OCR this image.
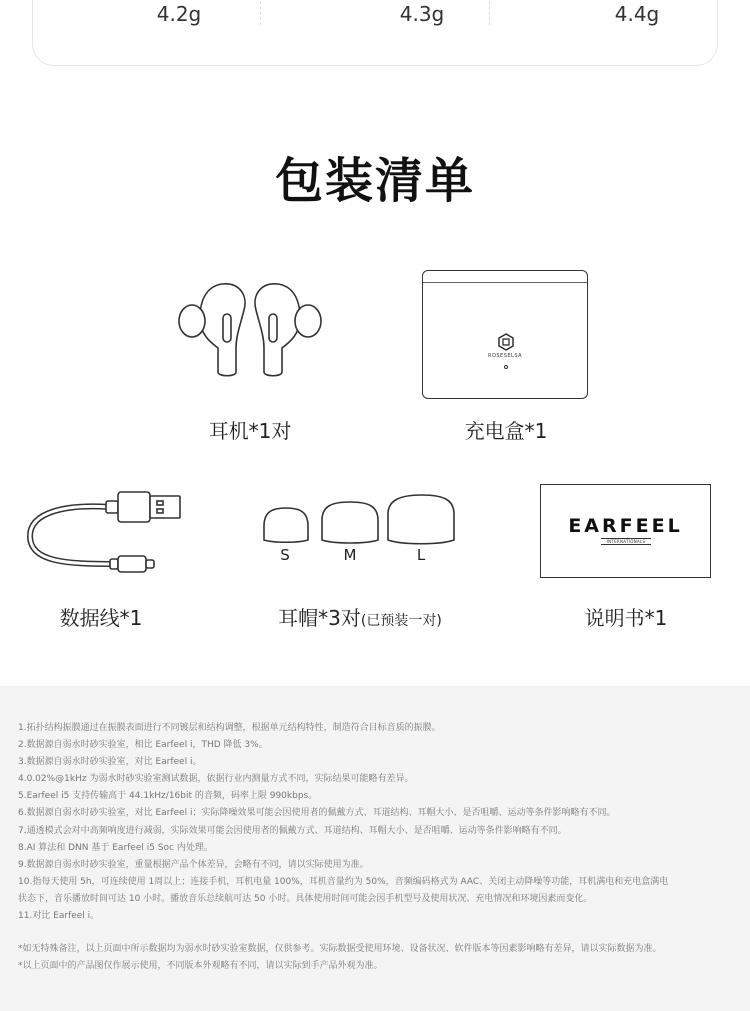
4.2g	4.3g	4.4g
包装清单
耳机*1对
ROSESELSA
充电盒*1
数据线*1
S	M	L
耳帽*3对(已预装一对)
EARFEEL
INTERNATIONALS
说明书*1
1.拓扑结构振膜通过在振膜表面进行不同镀层和结构调整，根据单元结构特性，制造符合目标音质的振膜。
2.数据源自弱水时砂实验室，相比 Earfeel i，THD 降低 3%。
3.数据源自弱水时砂实验室，对比 Earfeel i。
4.0.02%@1kHz 为弱水时砂实验室测试数据，依据行业内测量方式不同，实际结果可能略有差异。
5.Earfeel i5 支持传输高于 44.1kHz/16bit 的音频，码率上限 990kbps。
6.数据源自弱水时砂实验室，对比 Earfeel i；实际降噪效果可能会因使用者的佩戴方式、耳道结构、耳帽大小、是否咀嚼、运动等条件影响略有不同。
7.通透模式会对中高频响度进行减弱，实际效果可能会因使用者的佩戴方式、耳道结构、耳帽大小、是否咀嚼、运动等条件影响略有不同。
8.AI 算法和 DNN 基于 Earfeel i5 Soc 内处理。
9.数据源自弱水时砂实验室，重量根据产品个体差异，会略有不同，请以实际使用为准。
10.指每天使用 5h，可连续使用 1周以上；连接手机，耳机电量 100%，耳机音量约为 50%，音频编码格式为 AAC、关闭主动降噪等功能，耳机满电和充电盒满电
状态下，音乐播放时间可达 10 小时。播放音乐总续航可达 50 小时。具体使用时间可能会因手机型号及使用状况、充电情况和环境因素而变化。
11.对比 Earfeel i。
*如无特殊备注，以上页面中所示数据均为弱水时砂实验室数据，仅供参考。实际数据受使用环境、设备状况、软件版本等因素影响略有差异，请以实际数据为准。
*以上页面中的产品图仅作展示使用，不同版本外观略有不同，请以实际到手产品外观为准。
